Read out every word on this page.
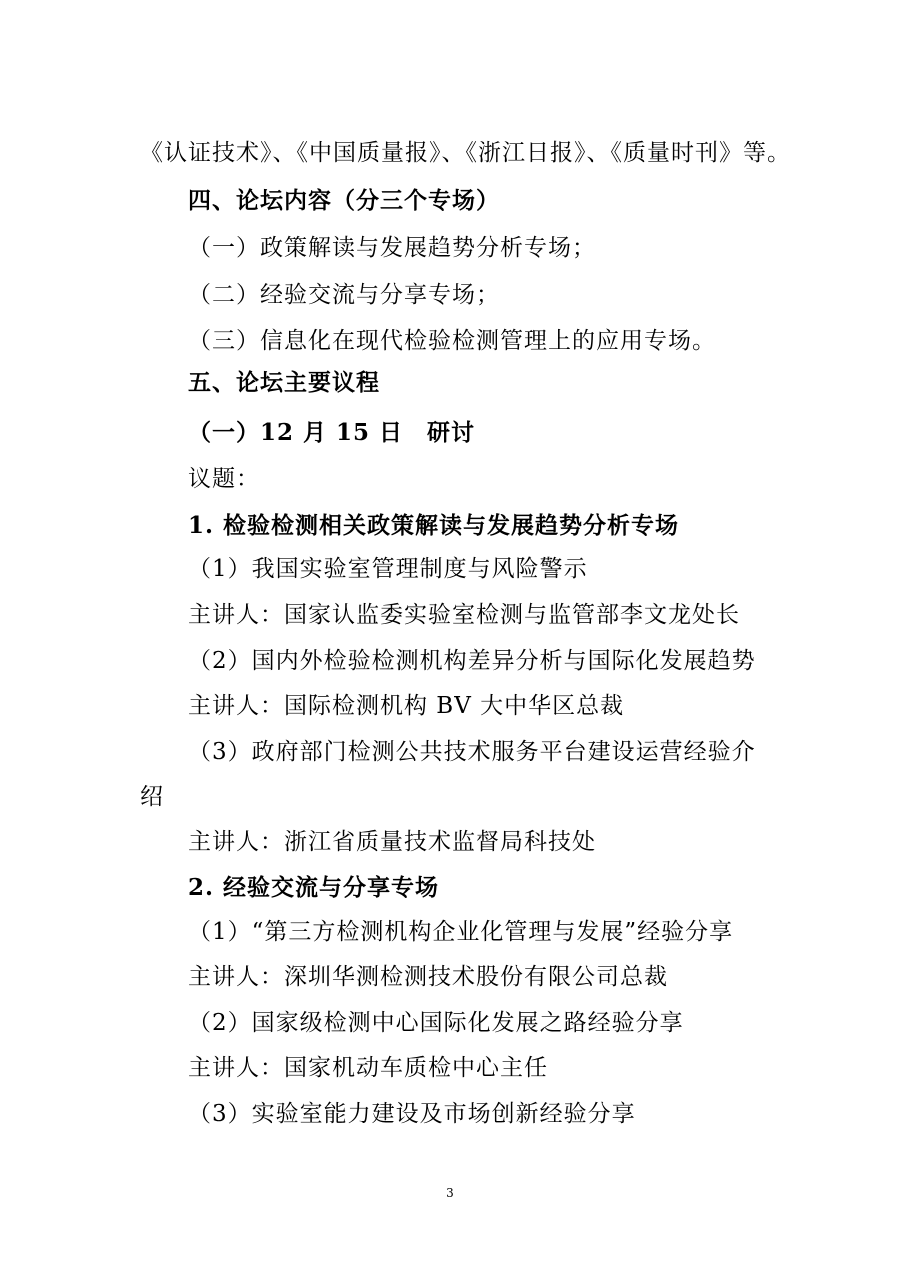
《认证技术》、《中国质量报》、《浙江日报》、《质量时刊》等。
四、论坛内容（分三个专场）
（一）政策解读与发展趋势分析专场；
（二）经验交流与分享专场；
（三）信息化在现代检验检测管理上的应用专场。
五、论坛主要议程
（一）12 月 15 日　研讨
议题：
1. 检验检测相关政策解读与发展趋势分析专场
（1）我国实验室管理制度与风险警示
主讲人：国家认监委实验室检测与监管部李文龙处长
（2）国内外检验检测机构差异分析与国际化发展趋势
主讲人：国际检测机构 BV 大中华区总裁
（3）政府部门检测公共技术服务平台建设运营经验介
绍
主讲人：浙江省质量技术监督局科技处
2. 经验交流与分享专场
（1）“第三方检测机构企业化管理与发展”经验分享
主讲人：深圳华测检测技术股份有限公司总裁
（2）国家级检测中心国际化发展之路经验分享
主讲人：国家机动车质检中心主任
（3）实验室能力建设及市场创新经验分享
3
